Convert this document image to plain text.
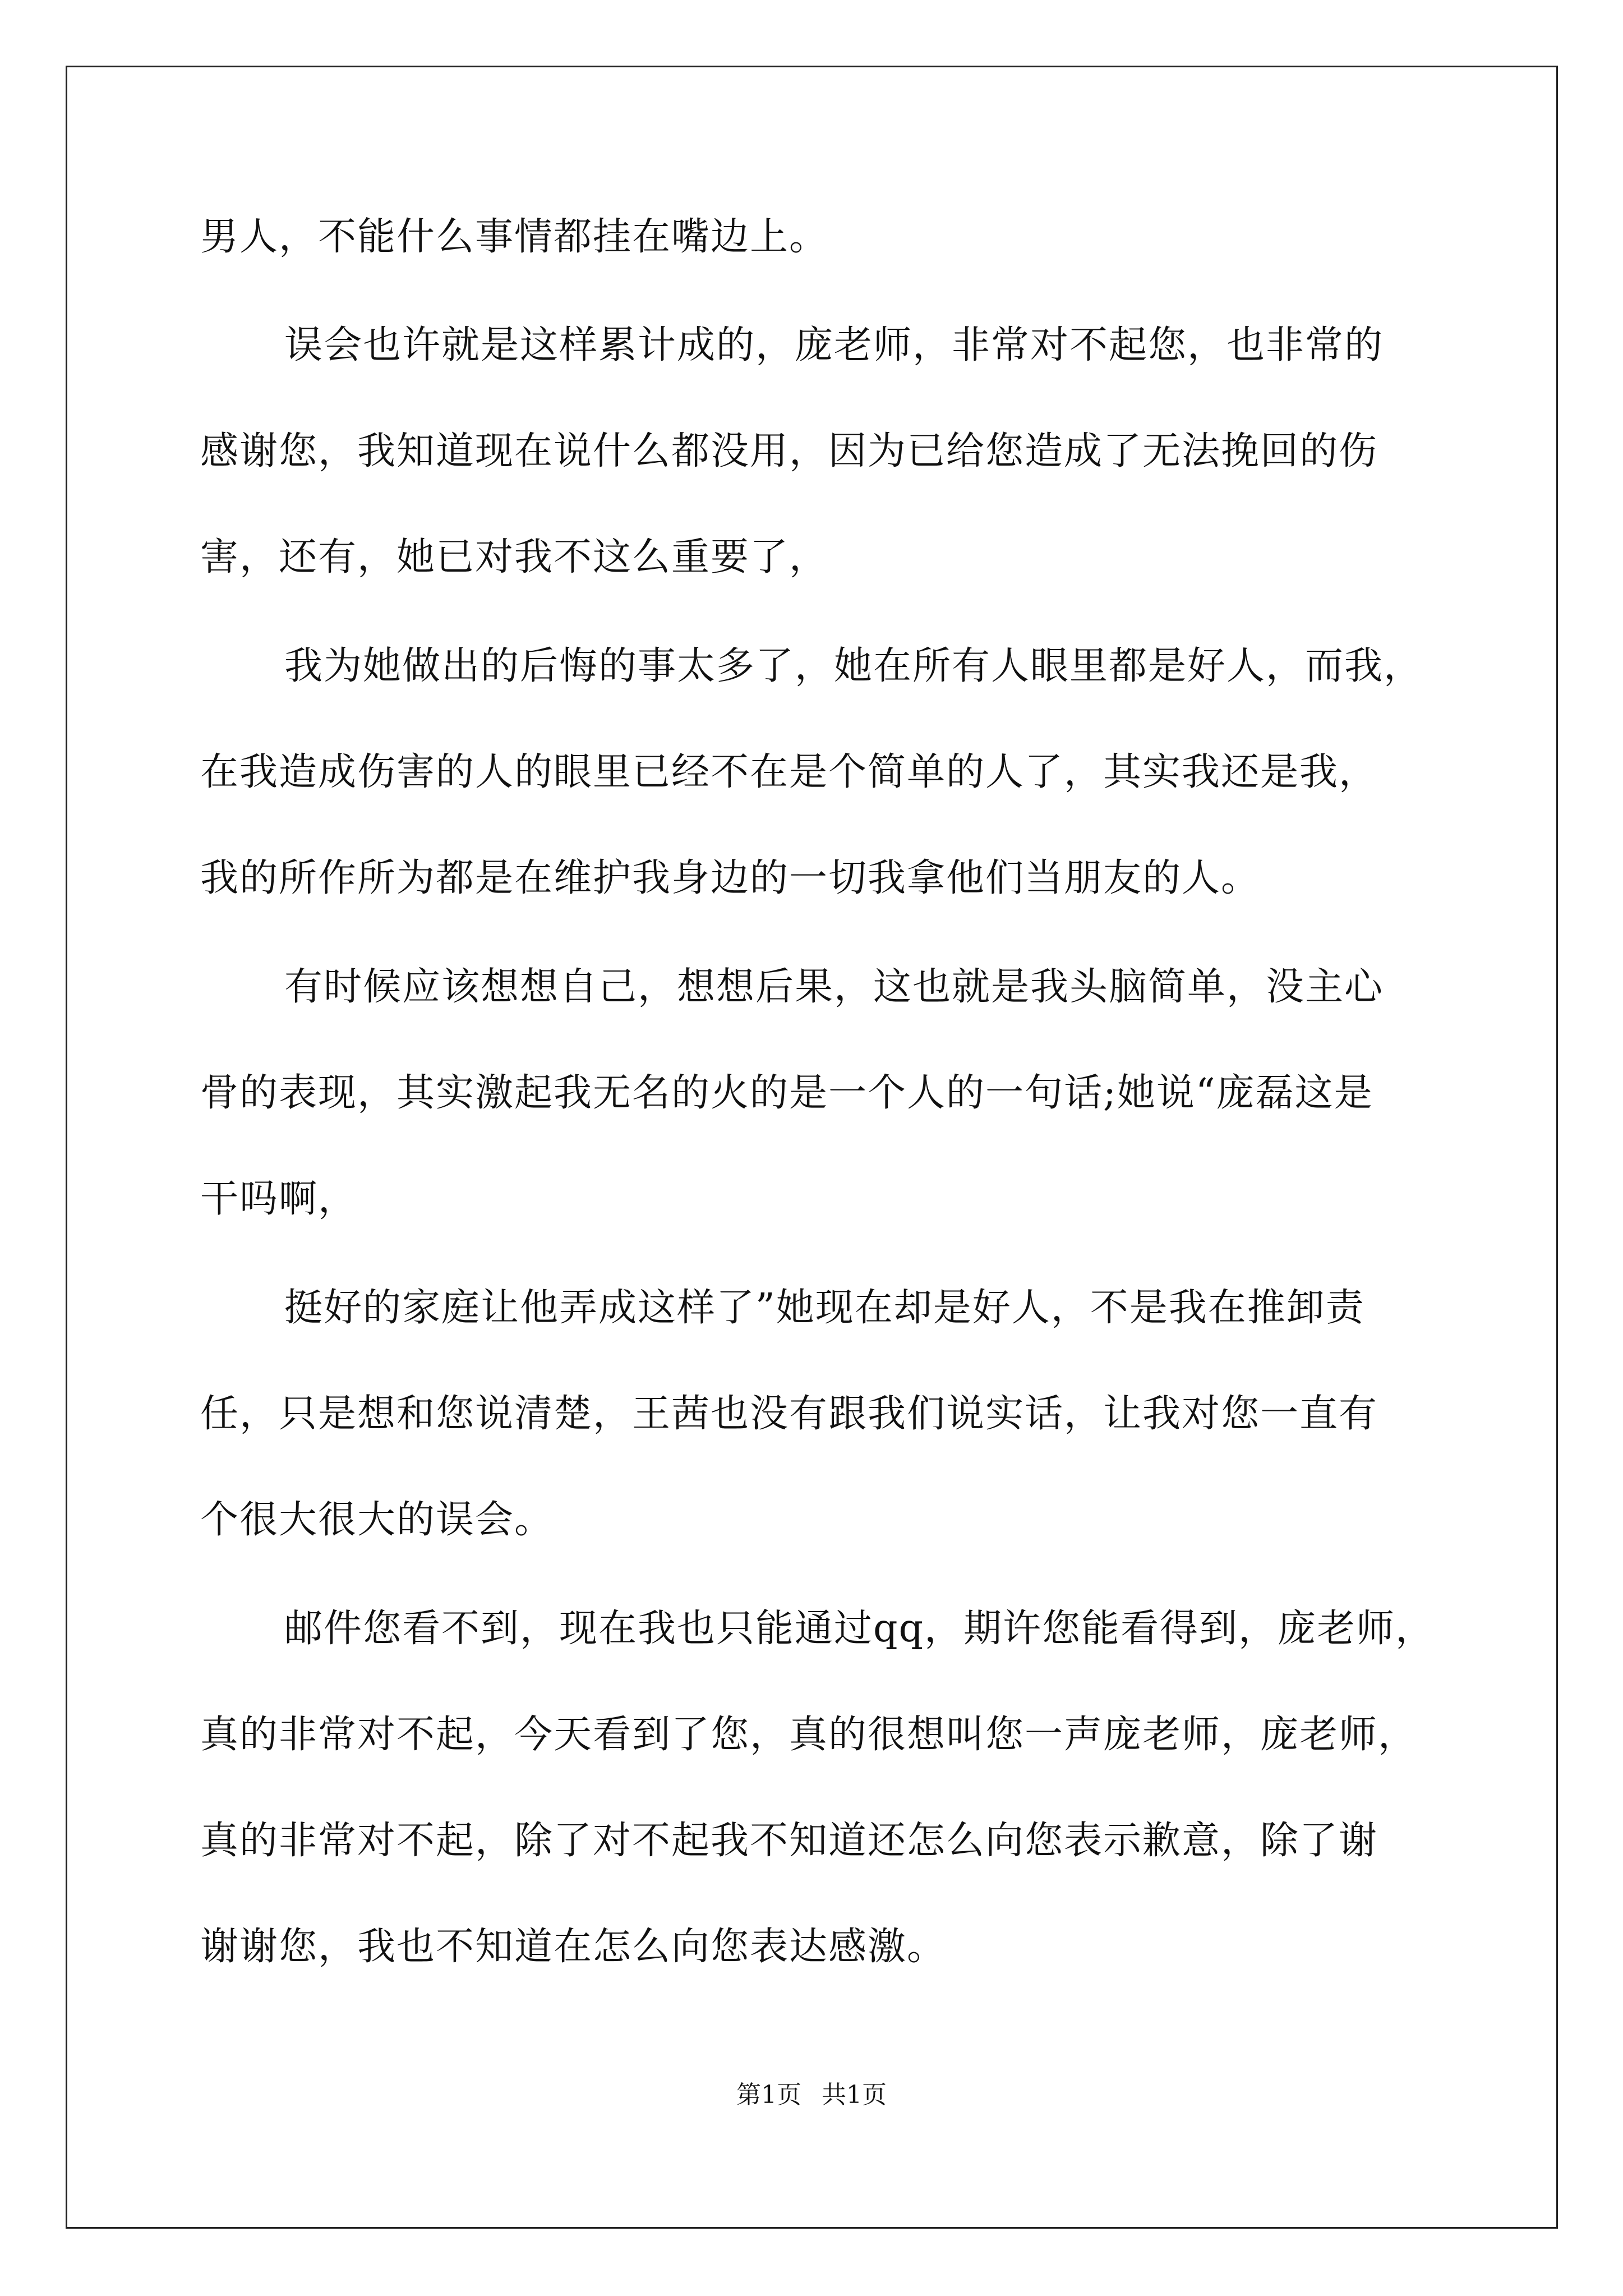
男人，不能什么事情都挂在嘴边上。
误会也许就是这样累计成的，庞老师，非常对不起您，也非常的
感谢您，我知道现在说什么都没用，因为已给您造成了无法挽回的伤
害，还有，她已对我不这么重要了，
我为她做出的后悔的事太多了，她在所有人眼里都是好人，而我，
在我造成伤害的人的眼里已经不在是个简单的人了，其实我还是我，
我的所作所为都是在维护我身边的一切我拿他们当朋友的人。
有时候应该想想自己，想想后果，这也就是我头脑简单，没主心
骨的表现，其实激起我无名的火的是一个人的一句话;她说“庞磊这是
干吗啊，
挺好的家庭让他弄成这样了”她现在却是好人，不是我在推卸责
任，只是想和您说清楚，王茜也没有跟我们说实话，让我对您一直有
个很大很大的误会。
邮件您看不到，现在我也只能通过qq，期许您能看得到，庞老师，
真的非常对不起，今天看到了您，真的很想叫您一声庞老师，庞老师，
真的非常对不起，除了对不起我不知道还怎么向您表示歉意，除了谢
谢谢您，我也不知道在怎么向您表达感激。
第1页 共1页
